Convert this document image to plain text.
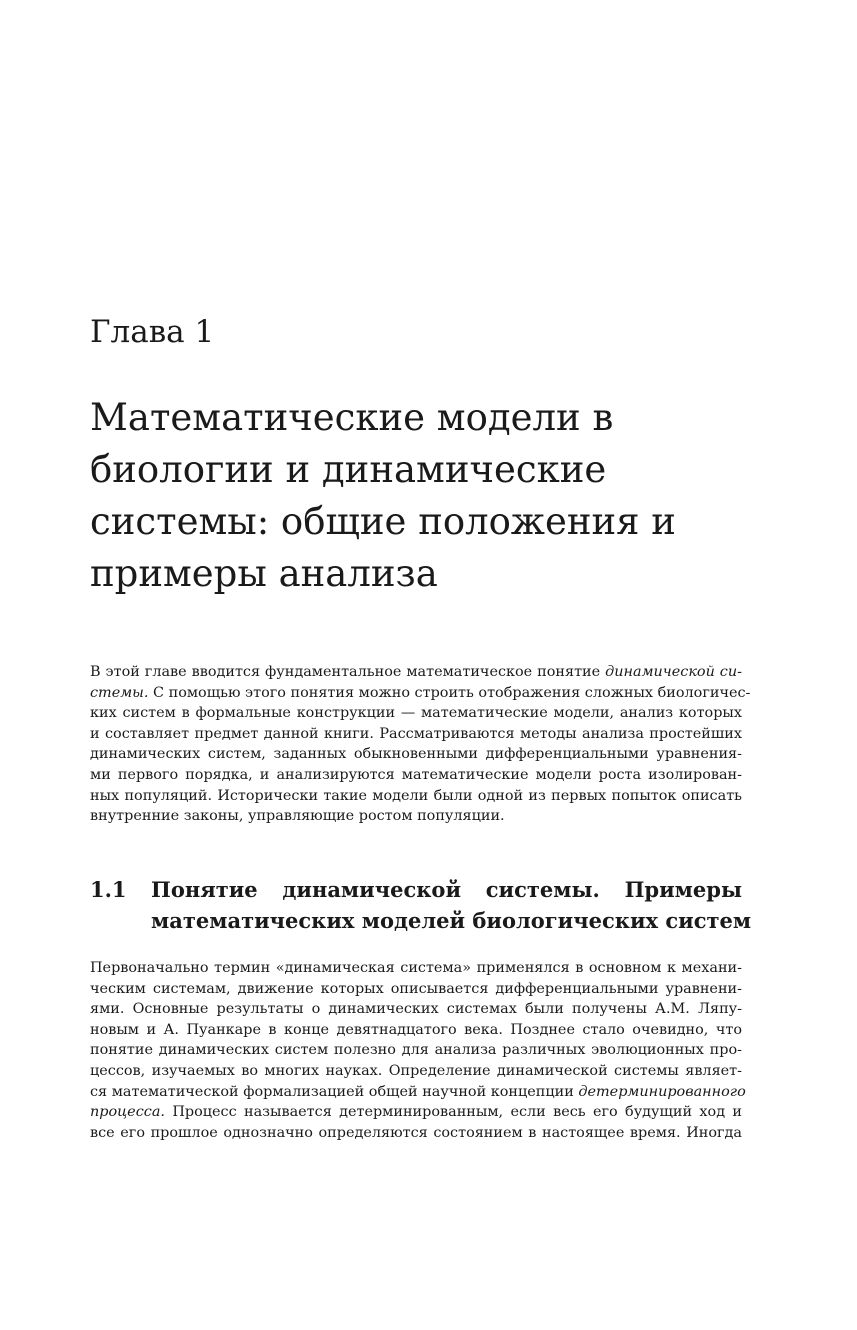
Глава 1
Математические модели в
биологии и динамические
системы: общие положения и
примеры анализа
В этой главе вводится фундаментальное математическое понятие динамической си-
стемы. С помощью этого понятия можно строить отображения сложных биологичес-
ких систем в формальные конструкции — математические модели, анализ которых
и составляет предмет данной книги. Рассматриваются методы анализа простейших
динамических систем, заданных обыкновенными дифференциальными уравнения-
ми первого порядка, и анализируются математические модели роста изолирован-
ных популяций. Исторически такие модели были одной из первых попыток описать
внутренние законы, управляющие ростом популяции.
1.1 Понятие динамической системы. Примеры
математических моделей биологических систем
Первоначально термин «динамическая система» применялся в основном к механи-
ческим системам, движение которых описывается дифференциальными уравнени-
ями. Основные результаты о динамических системах были получены А.М. Ляпу-
новым и А. Пуанкаре в конце девятнадцатого века. Позднее стало очевидно, что
понятие динамических систем полезно для анализа различных эволюционных про-
цессов, изучаемых во многих науках. Определение динамической системы являет-
ся математической формализацией общей научной концепции детерминированного
процесса. Процесс называется детерминированным, если весь его будущий ход и
все его прошлое однозначно определяются состоянием в настоящее время. Иногда
